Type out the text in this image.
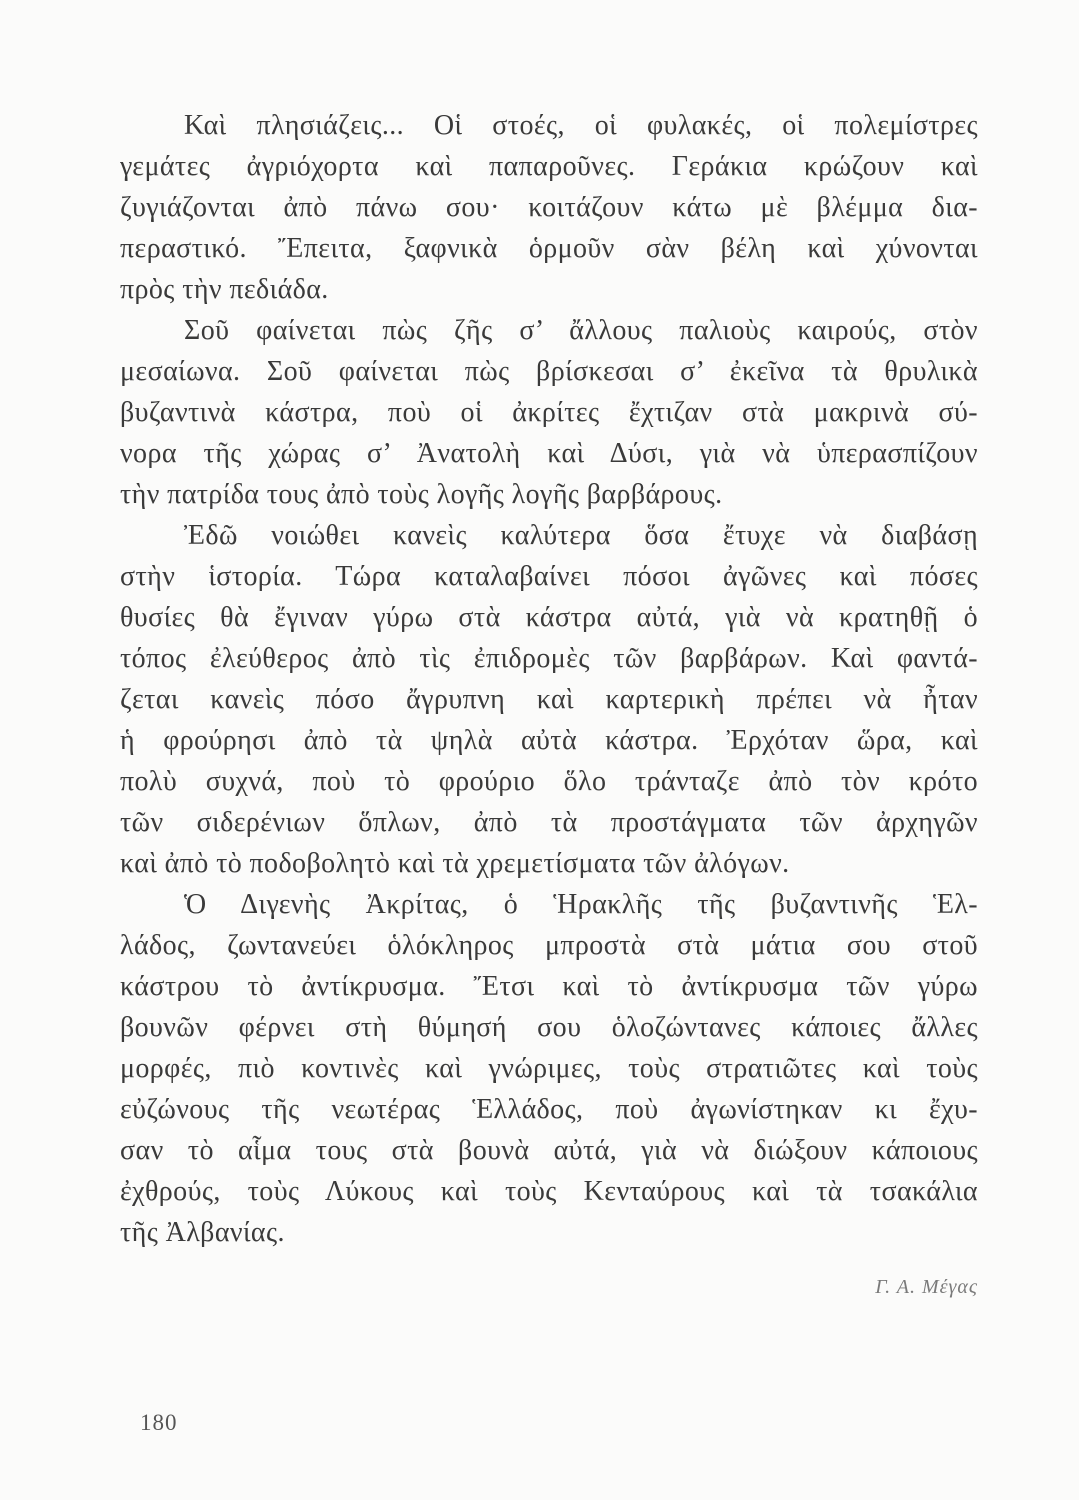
Καὶ πλησιάζεις... Οἱ στοές, οἱ φυλακές, οἱ πολεμίστρες
γεμάτες ἀγριόχορτα καὶ παπαροῦνες. Γεράκια κρώζουν καὶ
ζυγιάζονται ἀπὸ πάνω σου· κοιτάζουν κάτω μὲ βλέμμα δια-
περαστικό. Ἔπειτα, ξαφνικὰ ὁρμοῦν σὰν βέλη καὶ χύνονται
πρὸς τὴν πεδιάδα.
Σοῦ φαίνεται πὼς ζῆς σ’ ἄλλους παλιοὺς καιρούς, στὸν
μεσαίωνα. Σοῦ φαίνεται πὼς βρίσκεσαι σ’ ἐκεῖνα τὰ θρυλικὰ
βυζαντινὰ κάστρα, ποὺ οἱ ἀκρίτες ἔχτιζαν στὰ μακρινὰ σύ-
νορα τῆς χώρας σ’ Ἀνατολὴ καὶ Δύσι, γιὰ νὰ ὑπερασπίζουν
τὴν πατρίδα τους ἀπὸ τοὺς λογῆς λογῆς βαρβάρους.
Ἐδῶ νοιώθει κανεὶς καλύτερα ὅσα ἔτυχε νὰ διαβάσῃ
στὴν ἱστορία. Τώρα καταλαβαίνει πόσοι ἀγῶνες καὶ πόσες
θυσίες θὰ ἔγιναν γύρω στὰ κάστρα αὐτά, γιὰ νὰ κρατηθῇ ὁ
τόπος ἐλεύθερος ἀπὸ τὶς ἐπιδρομὲς τῶν βαρβάρων. Καὶ φαντά-
ζεται κανεὶς πόσο ἄγρυπνη καὶ καρτερικὴ πρέπει νὰ ἦταν
ἡ φρούρησι ἀπὸ τὰ ψηλὰ αὐτὰ κάστρα. Ἐρχόταν ὥρα, καὶ
πολὺ συχνά, ποὺ τὸ φρούριο ὅλο τράνταζε ἀπὸ τὸν κρότο
τῶν σιδερένιων ὅπλων, ἀπὸ τὰ προστάγματα τῶν ἀρχηγῶν
καὶ ἀπὸ τὸ ποδοβολητὸ καὶ τὰ χρεμετίσματα τῶν ἀλόγων.
Ὁ Διγενὴς Ἀκρίτας, ὁ Ἡρακλῆς τῆς βυζαντινῆς Ἑλ-
λάδος, ζωντανεύει ὁλόκληρος μπροστὰ στὰ μάτια σου στοῦ
κάστρου τὸ ἀντίκρυσμα. Ἔτσι καὶ τὸ ἀντίκρυσμα τῶν γύρω
βουνῶν φέρνει στὴ θύμησή σου ὁλοζώντανες κάποιες ἄλλες
μορφές, πιὸ κοντινὲς καὶ γνώριμες, τοὺς στρατιῶτες καὶ τοὺς
εὐζώνους τῆς νεωτέρας Ἑλλάδος, ποὺ ἀγωνίστηκαν κι ἔχυ-
σαν τὸ αἷμα τους στὰ βουνὰ αὐτά, γιὰ νὰ διώξουν κάποιους
ἐχθρούς, τοὺς Λύκους καὶ τοὺς Κενταύρους καὶ τὰ τσακάλια
τῆς Ἀλβανίας.
Γ. Α. Μέγας
180
